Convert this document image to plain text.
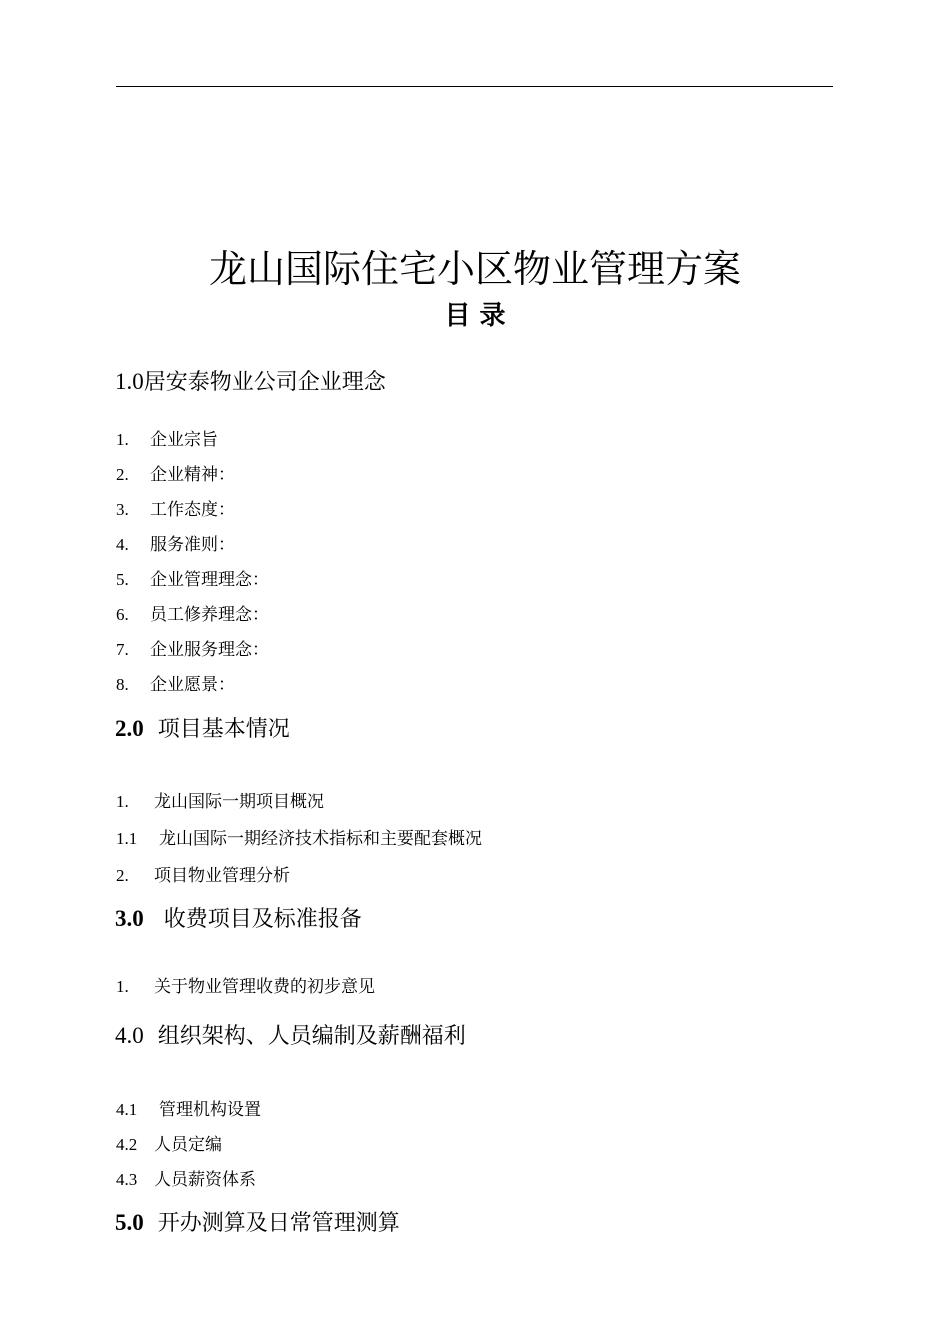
龙山国际住宅小区物业管理方案
目 录
1.0居安泰物业公司企业理念
1. 企业宗旨
2. 企业精神：
3. 工作态度：
4. 服务准则：
5. 企业管理理念：
6. 员工修养理念：
7. 企业服务理念：
8. 企业愿景：
2.0 项目基本情况
1. 龙山国际一期项目概况
1.1 龙山国际一期经济技术指标和主要配套概况
2. 项目物业管理分析
3.0 收费项目及标准报备
1. 关于物业管理收费的初步意见
4.0 组织架构、人员编制及薪酬福利
4.1 管理机构设置
4.2 人员定编
4.3 人员薪资体系
5.0 开办测算及日常管理测算
